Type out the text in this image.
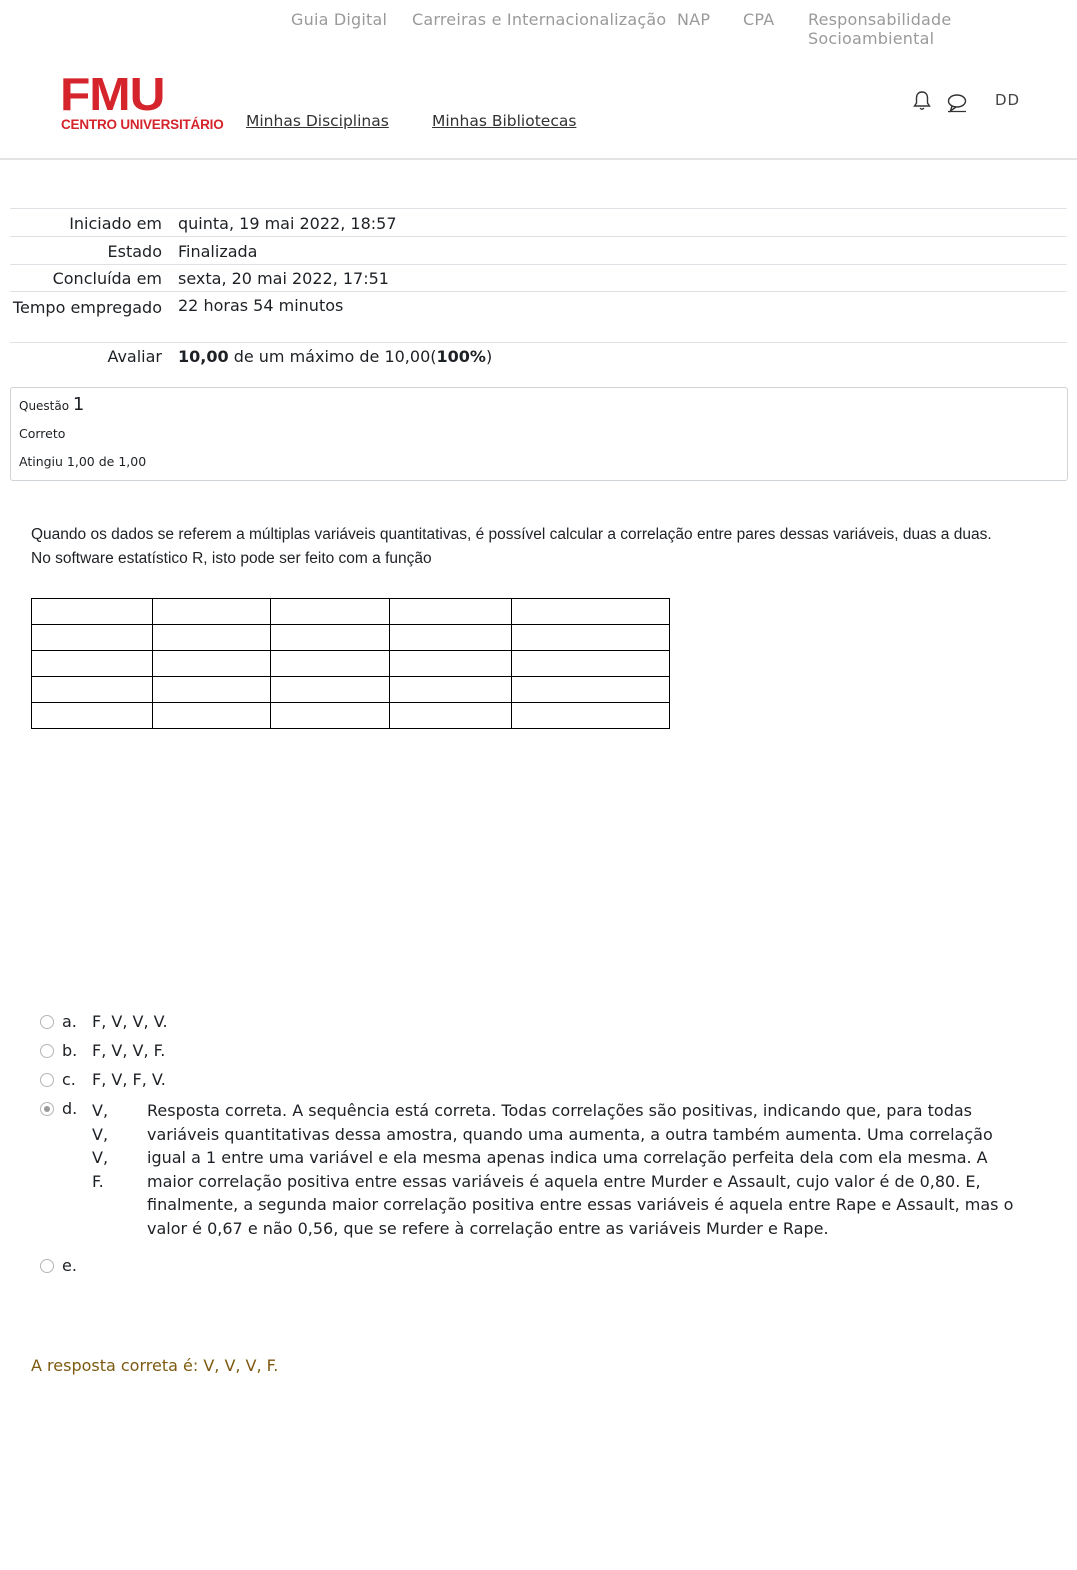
Guia Digital Carreiras e Internacionalização NAP CPA Responsabilidade Socioambiental
FMU
CENTRO UNIVERSITÁRIO Minhas Disciplinas	Minhas Bibliotecas
DD
Iniciado em quinta, 19 mai 2022, 18:57
Estado Finalizada
Concluída em sexta, 20 mai 2022, 17:51
Tempo empregado 22 horas 54 minutos
Avaliar 10,00 de um máximo de 10,00(100%)
Questão 1
Correto
Atingiu 1,00 de 1,00
Quando os dados se referem a múltiplas variáveis quantitativas, é possível calcular a correlação entre pares dessas variáveis, duas a duas.
No software estatístico R, isto pode ser feito com a função

a. F, V, V, V.
b. F, V, V, F.
c. F, V, F, V.
d. V,
V,
V,
F.
Resposta correta. A sequência está correta. Todas correlações são positivas, indicando que, para todas variáveis quantitativas dessa amostra, quando uma aumenta, a outra também aumenta. Uma correlação igual a 1 entre uma variável e ela mesma apenas indica uma correlação perfeita dela com ela mesma. A maior correlação positiva entre essas variáveis é aquela entre Murder e Assault, cujo valor é de 0,80. E, finalmente, a segunda maior correlação positiva entre essas variáveis é aquela entre Rape e Assault, mas o valor é 0,67 e não 0,56, que se refere à correlação entre as variáveis Murder e Rape.
e.
A resposta correta é: V, V, V, F.
